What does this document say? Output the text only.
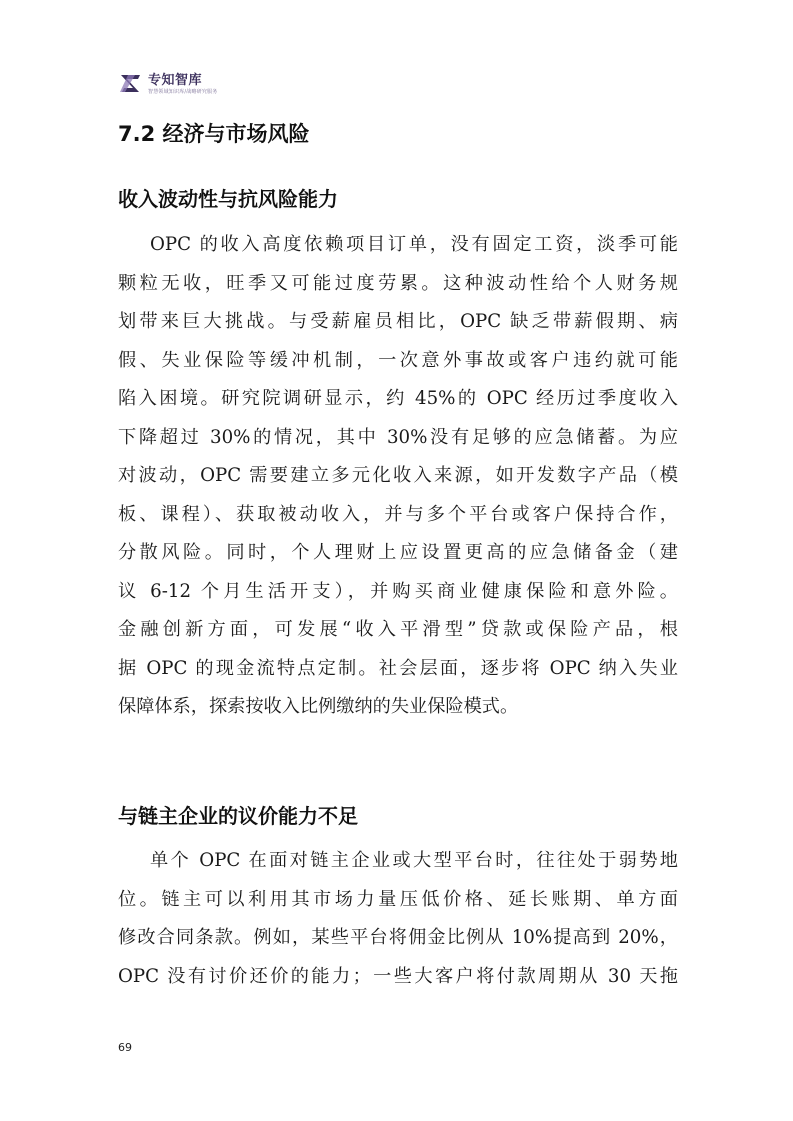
专知智库
智慧领域知识库/战略研究服务
7.2 经济与市场风险
收入波动性与抗风险能力
OPC 的收入高度依赖项目订单，没有固定工资，淡季可能
颗粒无收，旺季又可能过度劳累。这种波动性给个人财务规
划带来巨大挑战。与受薪雇员相比，OPC 缺乏带薪假期、病
假、失业保险等缓冲机制，一次意外事故或客户违约就可能
陷入困境。研究院调研显示，约 45%的 OPC 经历过季度收入
下降超过 30%的情况，其中 30%没有足够的应急储蓄。为应
对波动，OPC 需要建立多元化收入来源，如开发数字产品（模
板、课程）、获取被动收入，并与多个平台或客户保持合作，
分散风险。同时，个人理财上应设置更高的应急储备金（建
议 6-12 个月生活开支），并购买商业健康保险和意外险。
金融创新方面，可发展“收入平滑型”贷款或保险产品，根
据 OPC 的现金流特点定制。社会层面，逐步将 OPC 纳入失业
保障体系，探索按收入比例缴纳的失业保险模式。
与链主企业的议价能力不足
单个 OPC 在面对链主企业或大型平台时，往往处于弱势地
位。链主可以利用其市场力量压低价格、延长账期、单方面
修改合同条款。例如，某些平台将佣金比例从 10%提高到 20%，
OPC 没有讨价还价的能力；一些大客户将付款周期从 30 天拖
69
